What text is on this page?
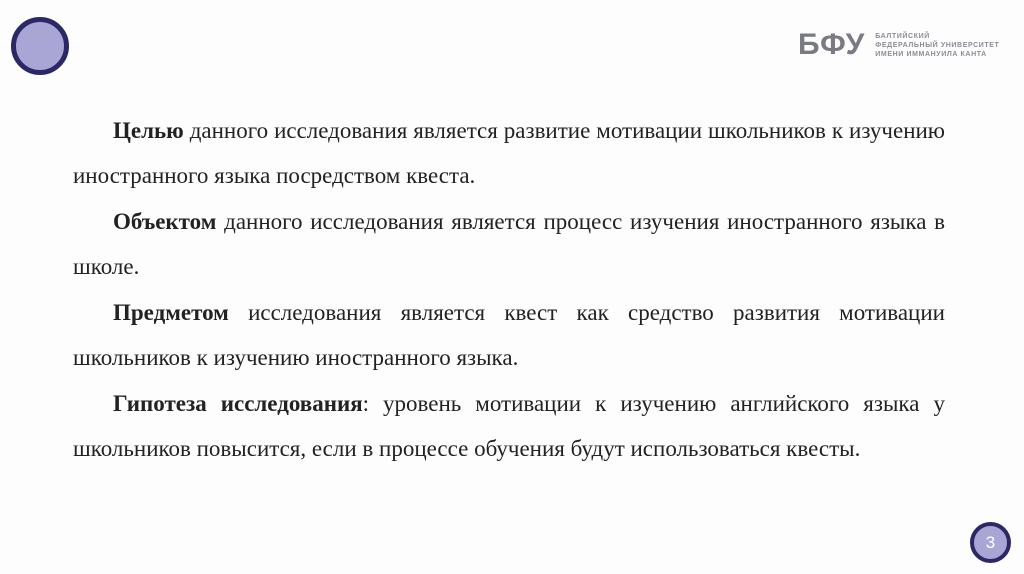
БФУ БАЛТИЙСКИЙ
ФЕДЕРАЛЬНЫЙ УНИВЕРСИТЕТ
ИМЕНИ ИММАНУИЛА КАНТА

Целью данного исследования является развитие мотивации школьников к изучению иностранного языка посредством квеста.

Объектом данного исследования является процесс изучения иностранного языка в школе.

Предметом исследования является квест как средство развития мотивации школьников к изучению иностранного языка.

Гипотеза исследования: уровень мотивации к изучению английского языка у школьников повысится, если в процессе обучения будут использоваться квесты.

3
